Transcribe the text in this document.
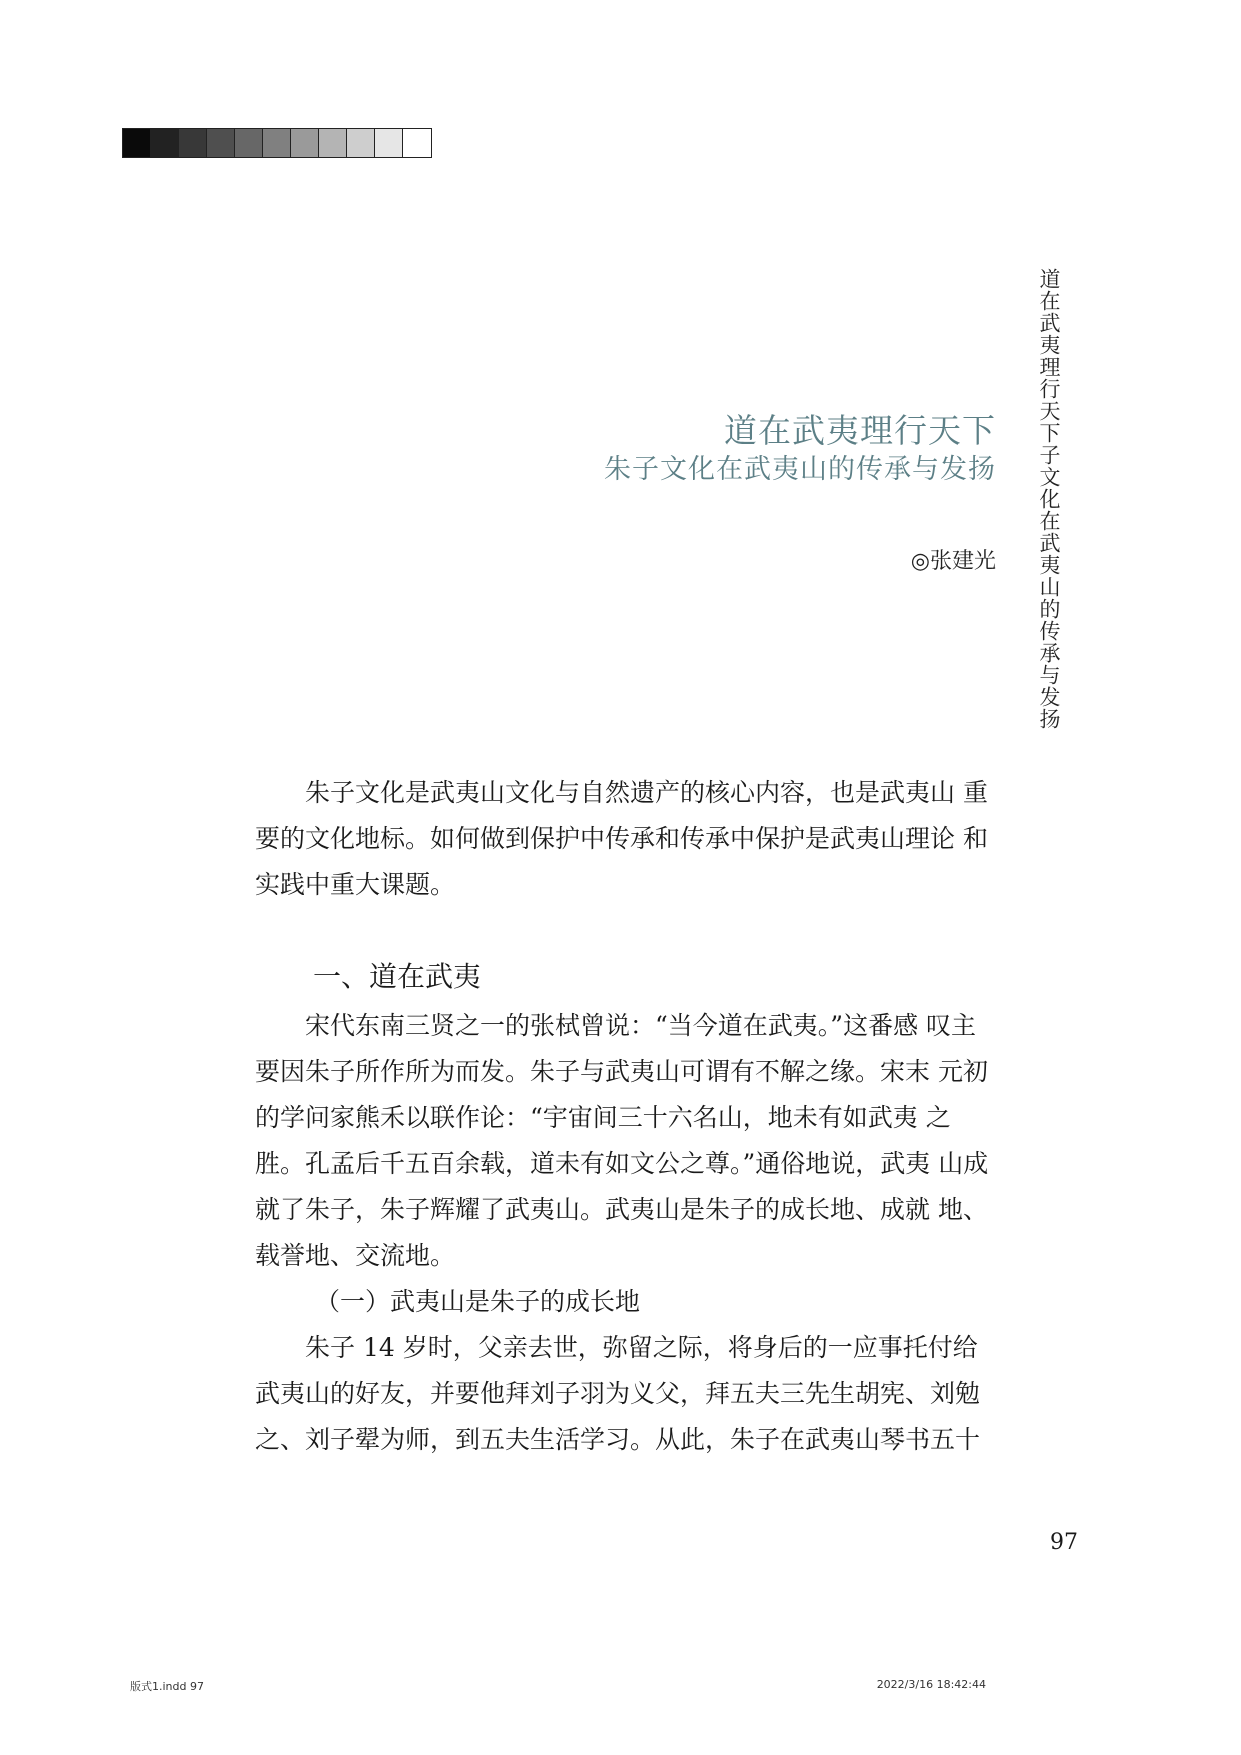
道在武夷理行天下子文化在武夷山的传承与发扬
道在武夷理行天下
朱子文化在武夷山的传承与发扬
◎张建光

朱子文化是武夷山文化与自然遗产的核心内容，也是武夷山 重要的文化地标。如何做到保护中传承和传承中保护是武夷山理论 和实践中重大课题。

一、道在武夷

宋代东南三贤之一的张栻曾说：“当今道在武夷。”这番感 叹主要因朱子所作所为而发。朱子与武夷山可谓有不解之缘。宋末 元初的学问家熊禾以联作论：“宇宙间三十六名山，地未有如武夷 之胜。孔孟后千五百余载，道未有如文公之尊。”通俗地说，武夷 山成就了朱子，朱子辉耀了武夷山。武夷山是朱子的成长地、成就 地、载誉地、交流地。

（一）武夷山是朱子的成长地

朱子 14 岁时，父亲去世，弥留之际，将身后的一应事托付给 武夷山的好友，并要他拜刘子羽为义父，拜五夫三先生胡宪、刘勉之、刘子翚为师，到五夫生活学习。从此，朱子在武夷山琴书五十

97
版式1.indd 97	2022/3/16 18:42:44
